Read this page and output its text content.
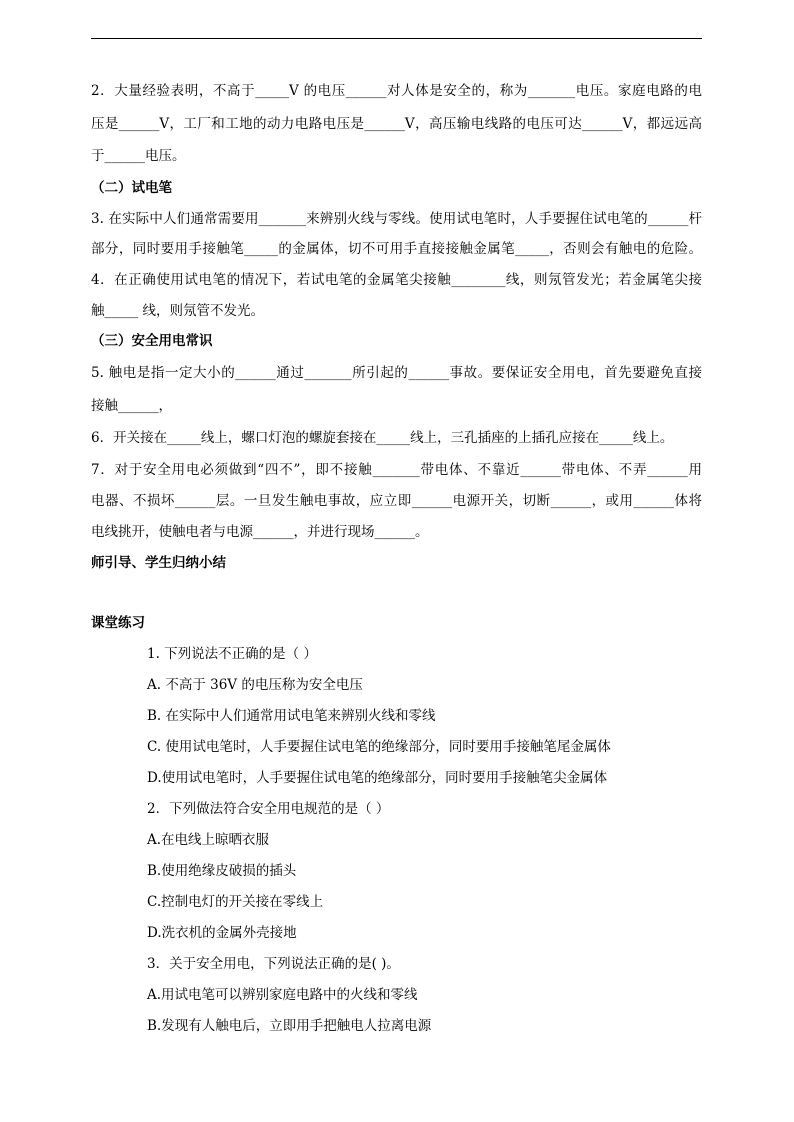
2．大量经验表明，不高于_____V 的电压______对人体是安全的，称为_______电压。家庭电路的电

压是______V，工厂和工地的动力电路电压是______V，高压输电线路的电压可达______V，都远远高

于______电压。

（二）试电笔

3. 在实际中人们通常需要用_______来辨别火线与零线。使用试电笔时，人手要握住试电笔的______杆

部分，同时要用手接触笔_____的金属体，切不可用手直接接触金属笔_____，否则会有触电的危险。

4．在正确使用试电笔的情况下，若试电笔的金属笔尖接触________线，则氖管发光；若金属笔尖接

触_____ 线，则氖管不发光。

（三）安全用电常识

5. 触电是指一定大小的______通过_______所引起的______事故。要保证安全用电，首先要避免直接

接触______，

6．开关接在_____线上，螺口灯泡的螺旋套接在_____线上，三孔插座的上插孔应接在_____线上。

7．对于安全用电必须做到“四不”，即不接触_______带电体、不靠近______带电体、不弄______用

电器、不损坏______层。一旦发生触电事故，应立即______电源开关，切断______，或用______体将

电线挑开，使触电者与电源______，并进行现场______。

师引导、学生归纳小结

课堂练习

1. 下列说法不正确的是（ ）

A. 不高于 36V 的电压称为安全电压

B. 在实际中人们通常用试电笔来辨别火线和零线

C. 使用试电笔时，人手要握住试电笔的绝缘部分，同时要用手接触笔尾金属体

D.使用试电笔时，人手要握住试电笔的绝缘部分，同时要用手接触笔尖金属体

2．下列做法符合安全用电规范的是（ ）

A.在电线上晾晒衣服

B.使用绝缘皮破损的插头

C.控制电灯的开关接在零线上

D.洗衣机的金属外壳接地

3．关于安全用电，下列说法正确的是( )。

A.用试电笔可以辨别家庭电路中的火线和零线

B.发现有人触电后，立即用手把触电人拉离电源
